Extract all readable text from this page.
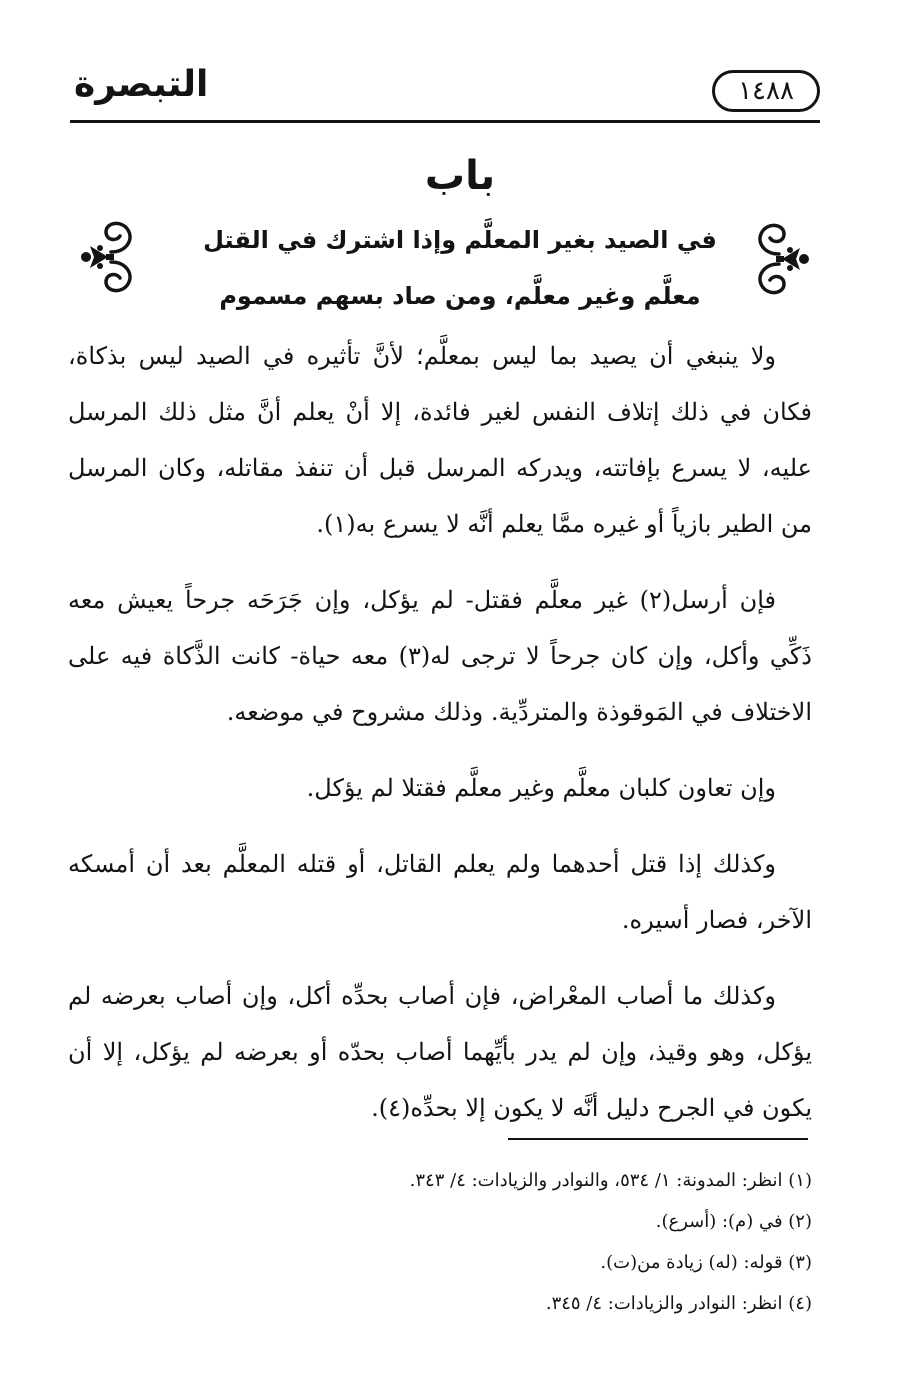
التبصرة	١٤٨٨
باب
في الصيد بغير المعلَّم وإذا اشترك في القتل
معلَّم وغير معلَّم، ومن صاد بسهم مسموم

ولا ينبغي أن يصيد بما ليس بمعلَّم؛ لأنَّ تأثيره في الصيد ليس بذكاة، فكان في ذلك إتلاف النفس لغير فائدة، إلا أنْ يعلم أنَّ مثل ذلك المرسل عليه، لا يسرع بإفاتته، ويدركه المرسل قبل أن تنفذ مقاتله، وكان المرسل من الطير بازياً أو غيره ممَّا يعلم أنَّه لا يسرع به(١).

فإن أرسل(٢) غير معلَّم فقتل- لم يؤكل، وإن جَرَحَه جرحاً يعيش معه ذَكِّي وأكل، وإن كان جرحاً لا ترجى له(٣) معه حياة- كانت الذَّكاة فيه على الاختلاف في المَوقوذة والمتردِّية. وذلك مشروح في موضعه.

وإن تعاون كلبان معلَّم وغير معلَّم فقتلا لم يؤكل.

وكذلك إذا قتل أحدهما ولم يعلم القاتل، أو قتله المعلَّم بعد أن أمسكه الآخر، فصار أسيره.

وكذلك ما أصاب المعْراض، فإن أصاب بحدِّه أكل، وإن أصاب بعرضه لم يؤكل، وهو وقيذ، وإن لم يدر بأيِّهما أصاب بحدّه أو بعرضه لم يؤكل، إلا أن يكون في الجرح دليل أنَّه لا يكون إلا بحدِّه(٤).

(١) انظر: المدونة: ١/ ٥٣٤، والنوادر والزيادات: ٤/ ٣٤٣.
(٢) في (م): (أسرع).
(٣) قوله: (له) زيادة من(ت).
(٤) انظر: النوادر والزيادات: ٤/ ٣٤٥.
